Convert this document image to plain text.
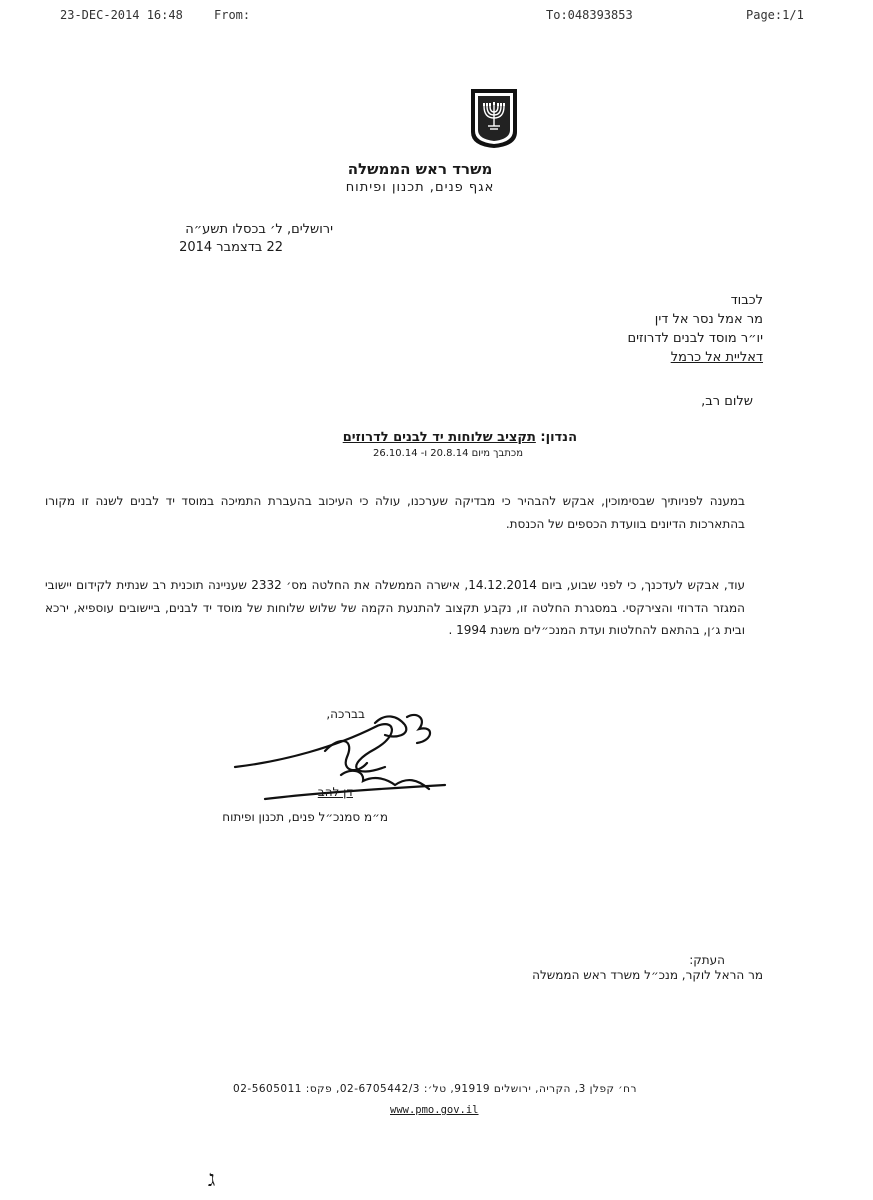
23-DEC-2014 16:48	From:	To:048393853	Page:1/1
משרד ראש הממשלה
אגף פנים, תכנון ופיתוח
ירושלים, ל׳ בכסלו תשע״ה
22 בדצמבר 2014
לכבוד
מר אמל נסר אל דין
יו״ר מוסד לבנים לדרוזים
דאליית אל כרמל
שלום רב,
הנדון: תקציב שלוחות יד לבנים לדרוזים
מכתבך מיום 20.8.14 ו- 26.10.14
במענה לפניותיך שבסימוכין, אבקש להבהיר כי מבדיקה שערכנו, עולה כי העיכוב בהעברת התמיכה במוסד יד לבנים לשנה זו מקורו בהתארכות הדיונים בוועדת הכספים של הכנסת.
עוד, אבקש לעדכנך, כי לפני שבוע, ביום 14.12.2014, אישרה הממשלה את החלטה מס׳ 2332 שעניינה תוכנית רב שנתית לקידום יישובי המגזר הדרוזי והצירקסי. במסגרת החלטה זו, נקבע תקצוב להתנעת הקמה של שלוש שלוחות של מוסד יד לבנים, ביישובים עוספיא, ירכא ובית ג׳ן, בהתאם להחלטות ועדת המנכ״לים משנת 1994 .
בברכה,
דן להב
מ״מ סמנכ״ל פנים, תכנון ופיתוח
העתק:
מר הראל לוקר, מנכ״ל משרד ראש הממשלה
רח׳ קפלן 3, הקריה, ירושלים 91919, טל׳: 02-6705442/3, פקס: 02-5605011
www.pmo.gov.il
ג
